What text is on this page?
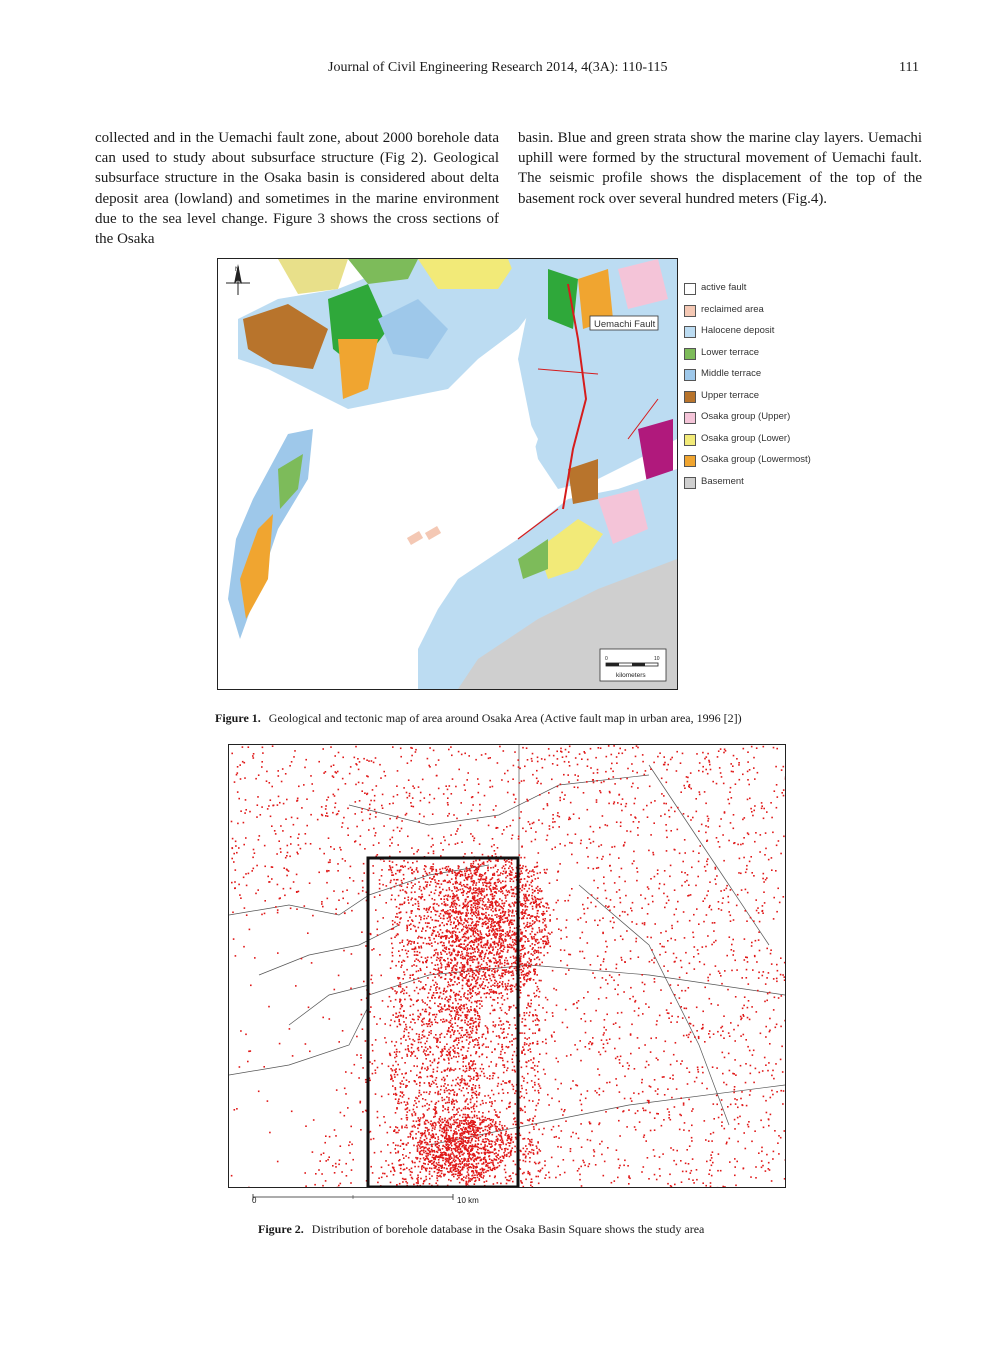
Journal of Civil Engineering Research 2014, 4(3A): 110-115	111
collected and in the Uemachi fault zone, about 2000 borehole data can used to study about subsurface structure (Fig 2). Geological subsurface structure in the Osaka basin is considered about delta deposit area (lowland) and sometimes in the marine environment due to the sea level change. Figure 3 shows the cross sections of the Osaka
basin. Blue and green strata show the marine clay layers. Uemachi uphill were formed by the structural movement of Uemachi fault. The seismic profile shows the displacement of the top of the basement rock over several hundred meters (Fig.4).
Uemachi Fault
N
0	10
kilometers
active fault
reclaimed area
Halocene deposit
Lower terrace
Middle terrace
Upper terrace
Osaka group (Upper)
Osaka group (Lower)
Osaka group (Lowermost)
Basement
Figure 1. Geological and tectonic map of area around Osaka Area (Active fault map in urban area, 1996 [2])
0	10 km
Figure 2. Distribution of borehole database in the Osaka Basin Square shows the study area
